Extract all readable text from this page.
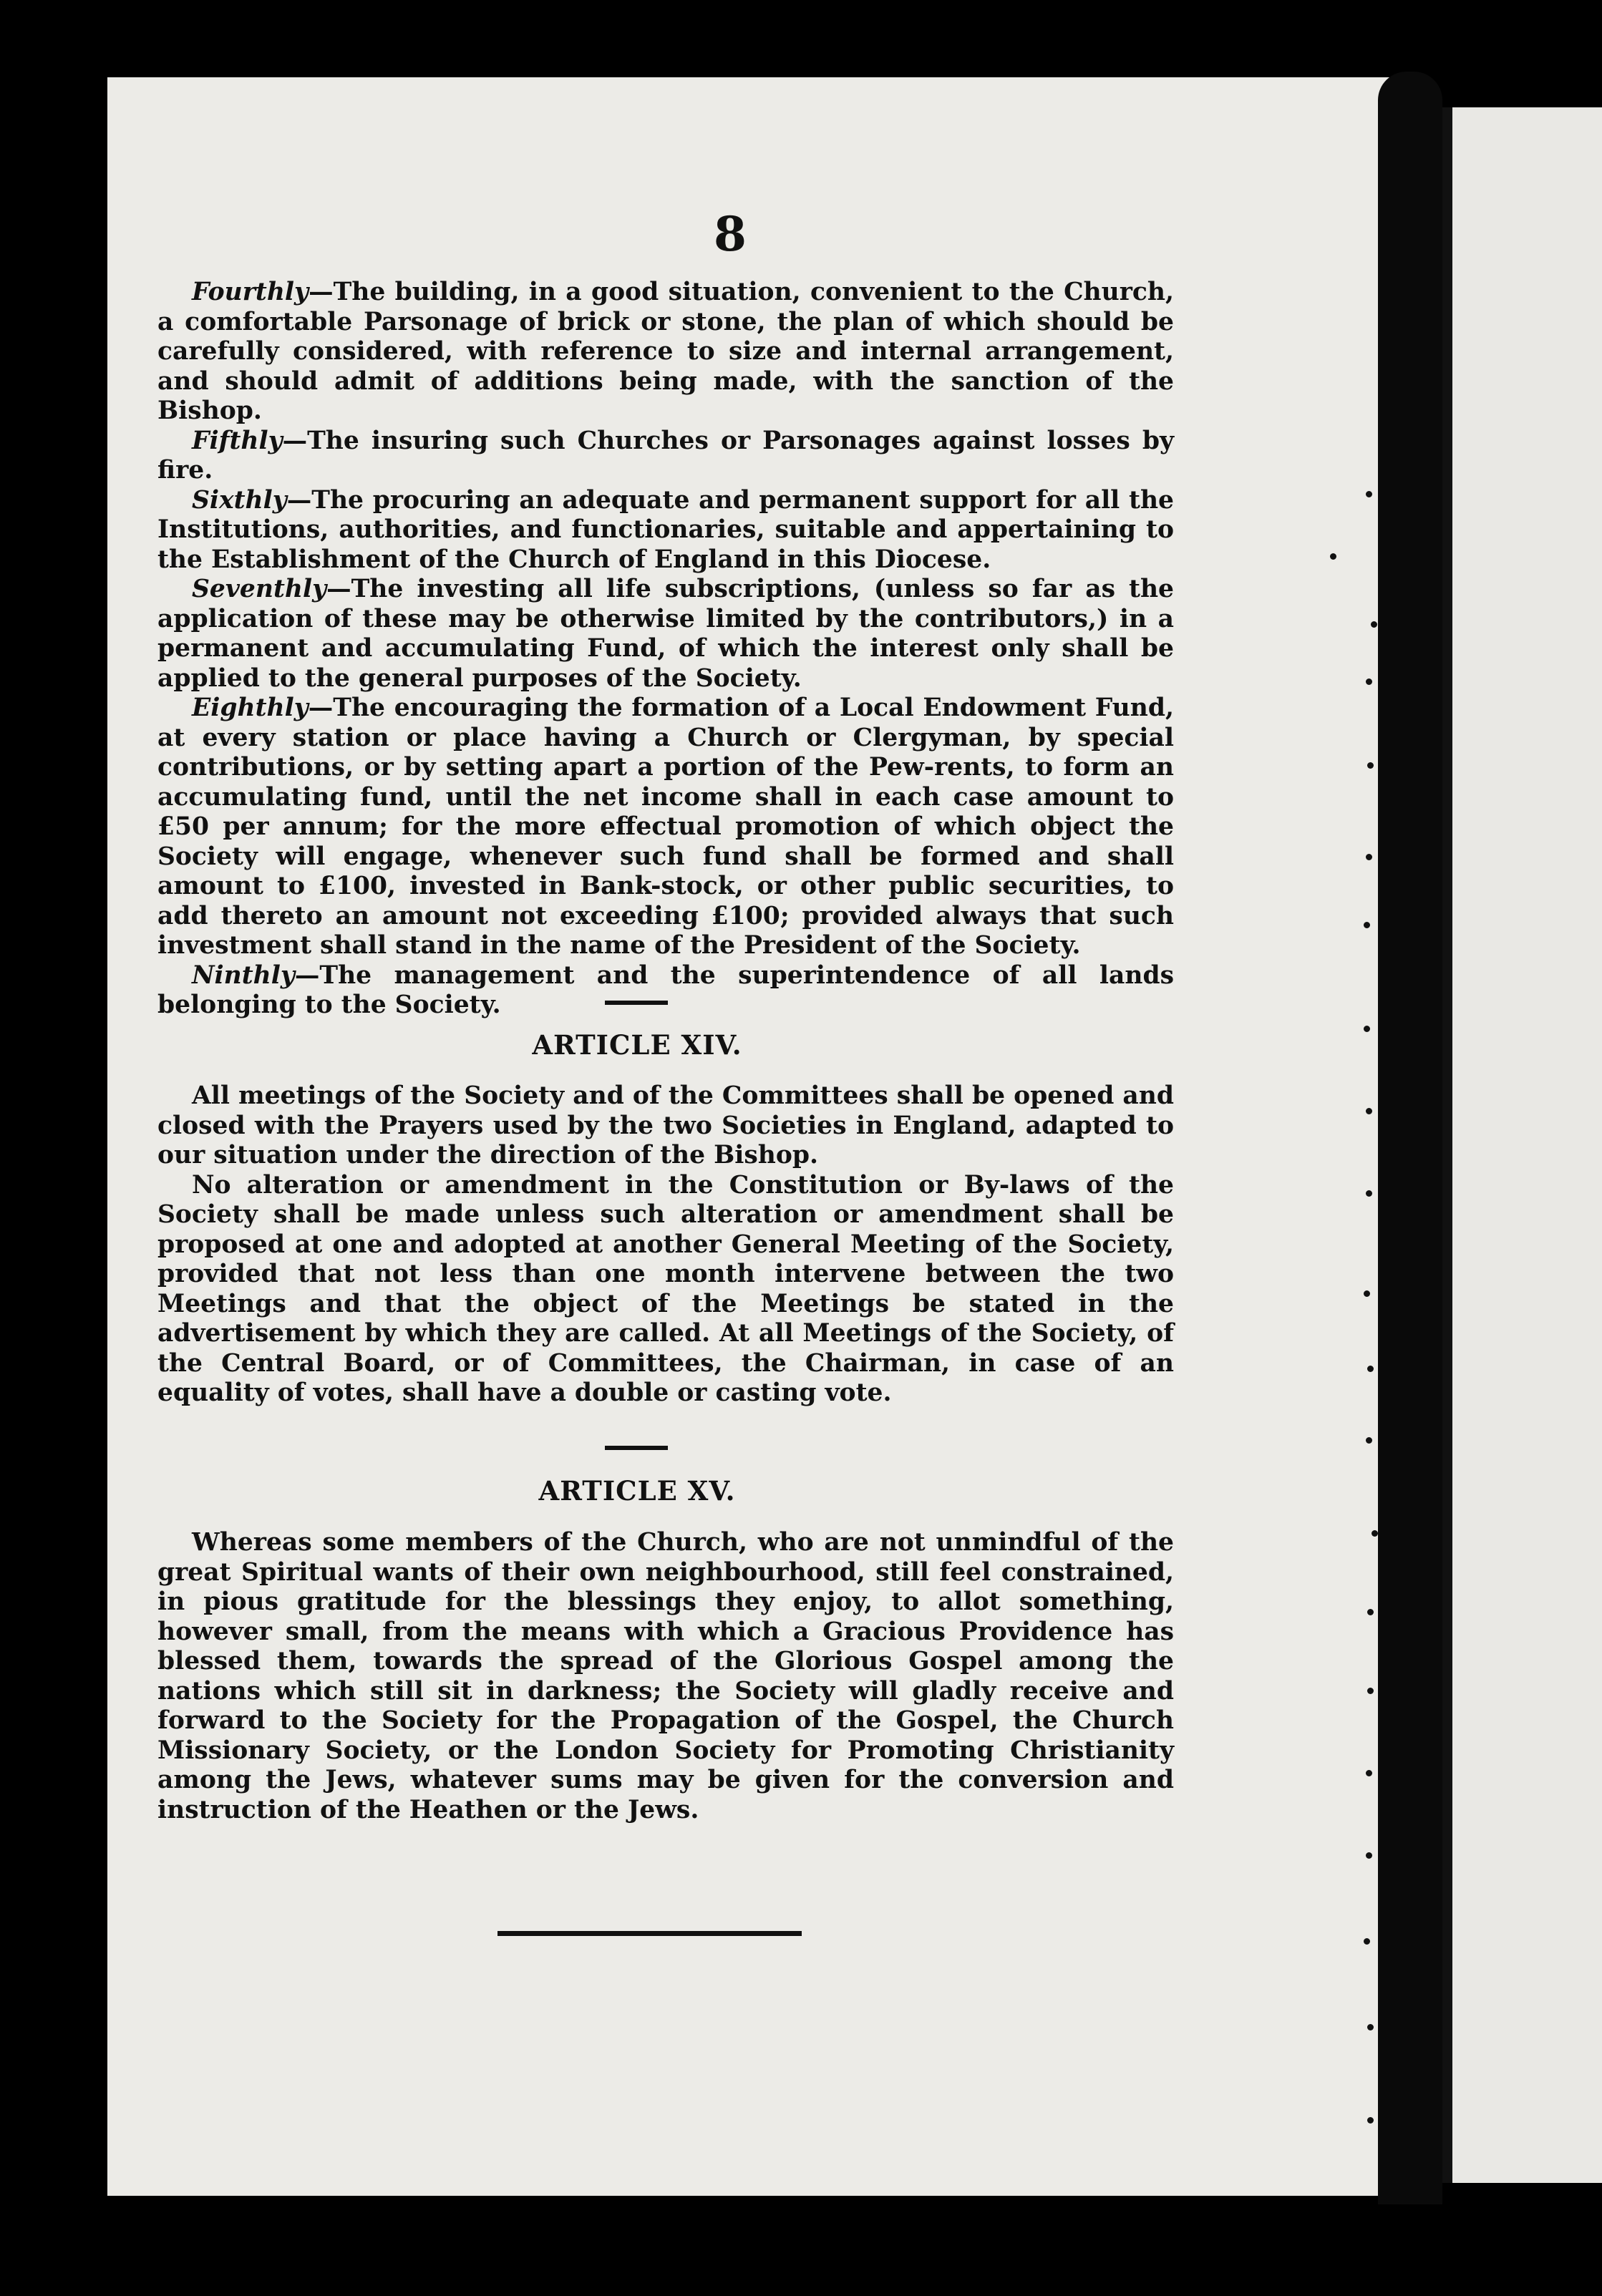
8

Fourthly—The building, in a good situation, convenient to the Church, a comfortable Parsonage of brick or stone, the plan of which should be carefully considered, with reference to size and internal arrangement, and should admit of additions being made, with the sanction of the Bishop.

Fifthly—The insuring such Churches or Parsonages against losses by fire.

Sixthly—The procuring an adequate and permanent support for all the Institutions, authorities, and functionaries, suitable and appertaining to the Establishment of the Church of England in this Diocese.

Seventhly—The investing all life subscriptions, (unless so far as the application of these may be otherwise limited by the contributors,) in a permanent and accumulating Fund, of which the interest only shall be applied to the general purposes of the Society.

Eighthly—The encouraging the formation of a Local Endowment Fund, at every station or place having a Church or Clergyman, by special contributions, or by setting apart a portion of the Pew-rents, to form an accumulating fund, until the net income shall in each case amount to £50 per annum; for the more effectual promotion of which object the Society will engage, whenever such fund shall be formed and shall amount to £100, invested in Bank-stock, or other public securities, to add thereto an amount not exceeding £100; provided always that such investment shall stand in the name of the President of the Society.

Ninthly—The management and the superintendence of all lands belonging to the Society.

ARTICLE XIV.

All meetings of the Society and of the Committees shall be opened and closed with the Prayers used by the two Societies in England, adapted to our situation under the direction of the Bishop.

No alteration or amendment in the Constitution or By-laws of the Society shall be made unless such alteration or amendment shall be proposed at one and adopted at another General Meeting of the Society, provided that not less than one month intervene between the two Meetings and that the object of the Meetings be stated in the advertisement by which they are called. At all Meetings of the Society, of the Central Board, or of Committees, the Chairman, in case of an equality of votes, shall have a double or casting vote.

ARTICLE XV.

Whereas some members of the Church, who are not unmindful of the great Spiritual wants of their own neighbourhood, still feel constrained, in pious gratitude for the blessings they enjoy, to allot something, however small, from the means with which a Gracious Providence has blessed them, towards the spread of the Glorious Gospel among the nations which still sit in darkness; the Society will gladly receive and forward to the Society for the Propagation of the Gospel, the Church Missionary Society, or the London Society for Promoting Christianity among the Jews, whatever sums may be given for the conversion and instruction of the Heathen or the Jews.
